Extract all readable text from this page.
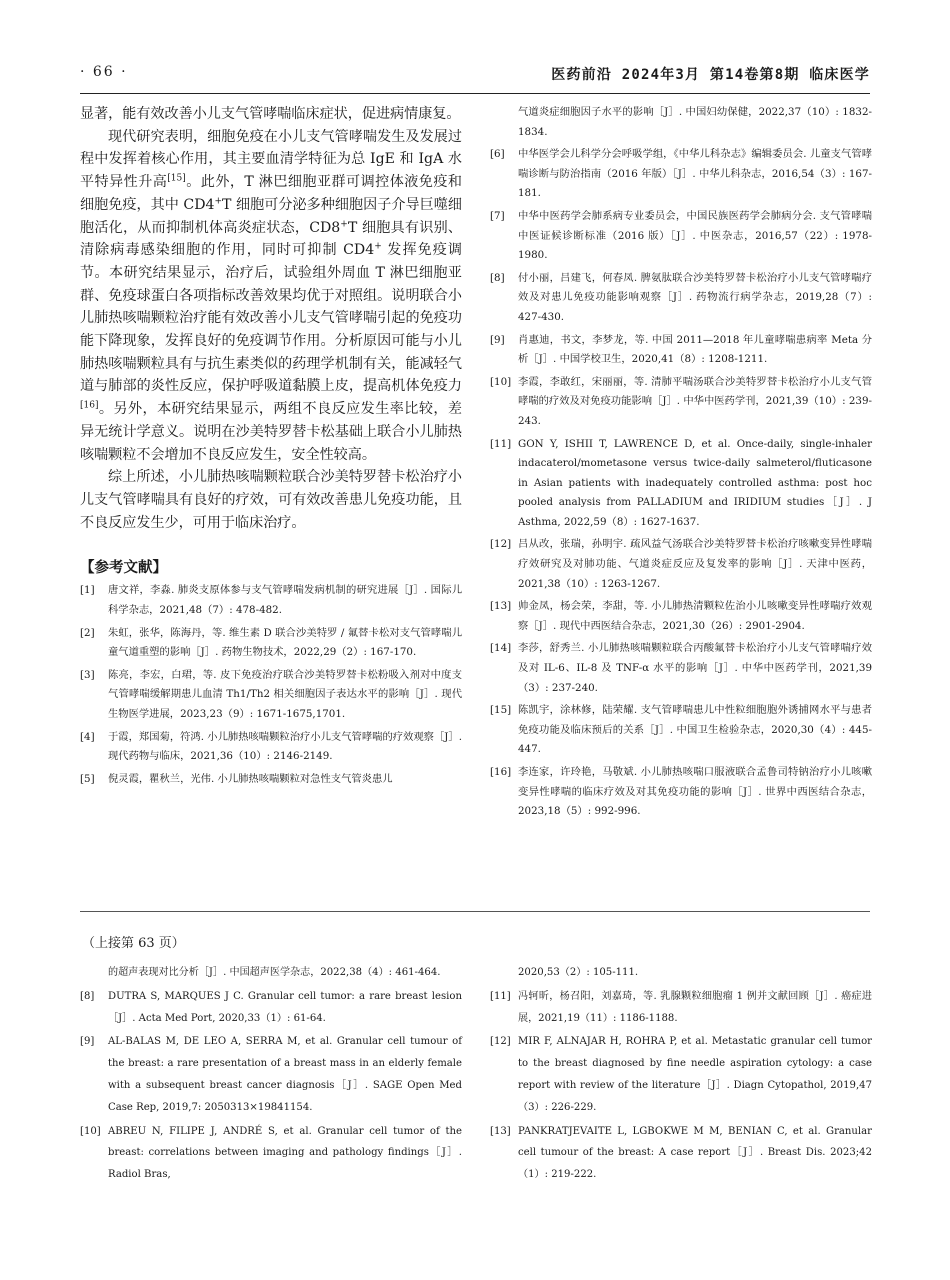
· 66 ·	医药前沿 2024年3月 第14卷第8期 临床医学

显著，能有效改善小儿支气管哮喘临床症状，促进病情康复。

现代研究表明，细胞免疫在小儿支气管哮喘发生及发展过程中发挥着核心作用，其主要血清学特征为总 IgE 和 IgA 水平特异性升高[15]。此外，T 淋巴细胞亚群可调控体液免疫和细胞免疫，其中 CD4+T 细胞可分泌多种细胞因子介导巨噬细胞活化，从而抑制机体高炎症状态，CD8+T 细胞具有识别、清除病毒感染细胞的作用，同时可抑制 CD4+ 发挥免疫调节。本研究结果显示，治疗后，试验组外周血 T 淋巴细胞亚群、免疫球蛋白各项指标改善效果均优于对照组。说明联合小儿肺热咳喘颗粒治疗能有效改善小儿支气管哮喘引起的免疫功能下降现象，发挥良好的免疫调节作用。分析原因可能与小儿肺热咳喘颗粒具有与抗生素类似的药理学机制有关，能减轻气道与肺部的炎性反应，保护呼吸道黏膜上皮，提高机体免疫力[16]。另外，本研究结果显示，两组不良反应发生率比较，差异无统计学意义。说明在沙美特罗替卡松基础上联合小儿肺热咳喘颗粒不会增加不良反应发生，安全性较高。

综上所述，小儿肺热咳喘颗粒联合沙美特罗替卡松治疗小儿支气管哮喘具有良好的疗效，可有效改善患儿免疫功能，且不良反应发生少，可用于临床治疗。

【参考文献】
[1] 唐文祥，李淼. 肺炎支原体参与支气管哮喘发病机制的研究进展［J］. 国际儿科学杂志，2021,48（7）: 478-482.
[2] 朱虹，张华，陈海丹，等. 维生素 D 联合沙美特罗 / 氟替卡松对支气管哮喘儿童气道重塑的影响［J］. 药物生物技术，2022,29（2）: 167-170.
[3] 陈亮，李宏，白珺，等. 皮下免疫治疗联合沙美特罗替卡松粉吸入剂对中度支气管哮喘缓解期患儿血清 Th1/Th2 相关细胞因子表达水平的影响［J］. 现代生物医学进展，2023,23（9）: 1671-1675,1701.
[4] 于霞，郑国菊，符鸿. 小儿肺热咳喘颗粒治疗小儿支气管哮喘的疗效观察［J］. 现代药物与临床，2021,36（10）: 2146-2149.
[5] 倪灵霞，瞿秋兰，光伟. 小儿肺热咳喘颗粒对急性支气管炎患儿
气道炎症细胞因子水平的影响［J］. 中国妇幼保健，2022,37（10）: 1832-1834.
[6] 中华医学会儿科学分会呼吸学组，《中华儿科杂志》编辑委员会. 儿童支气管哮喘诊断与防治指南（2016 年版）［J］. 中华儿科杂志，2016,54（3）: 167-181.
[7] 中华中医药学会肺系病专业委员会，中国民族医药学会肺病分会. 支气管哮喘中医证候诊断标准（2016 版）［J］. 中医杂志，2016,57（22）: 1978-1980.
[8] 付小丽，吕建飞，何春凤. 脾氨肽联合沙美特罗替卡松治疗小儿支气管哮喘疗效及对患儿免疫功能影响观察［J］. 药物流行病学杂志，2019,28（7）: 427-430.
[9] 肖惠迪，书文，李梦龙，等. 中国 2011—2018 年儿童哮喘患病率 Meta 分析［J］. 中国学校卫生，2020,41（8）: 1208-1211.
[10] 李霞，李敢红，宋丽丽，等. 清肺平喘汤联合沙美特罗替卡松治疗小儿支气管哮喘的疗效及对免疫功能影响［J］. 中华中医药学刊，2021,39（10）: 239-243.
[11] GON Y, ISHII T, LAWRENCE D, et al. Once-daily, single-inhaler indacaterol/mometasone versus twice-daily salmeterol/fluticasone in Asian patients with inadequately controlled asthma: post hoc pooled analysis from PALLADIUM and IRIDIUM studies［J］. J Asthma, 2022,59（8）: 1627-1637.
[12] 吕从改，张瑞，孙明宇. 疏风益气汤联合沙美特罗替卡松治疗咳嗽变异性哮喘疗效研究及对肺功能、气道炎症反应及复发率的影响［J］. 天津中医药，2021,38（10）: 1263-1267.
[13] 帅金凤，杨会荣，李甜，等. 小儿肺热清颗粒佐治小儿咳嗽变异性哮喘疗效观察［J］. 现代中西医结合杂志，2021,30（26）: 2901-2904.
[14] 李莎，舒秀兰. 小儿肺热咳喘颗粒联合丙酸氟替卡松治疗小儿支气管哮喘疗效及对 IL-6、IL-8 及 TNF-α 水平的影响［J］. 中华中医药学刊，2021,39（3）: 237-240.
[15] 陈凯宇，涂林修，陆荣耀. 支气管哮喘患儿中性粒细胞胞外诱捕网水平与患者免疫功能及临床预后的关系［J］. 中国卫生检验杂志，2020,30（4）: 445-447.
[16] 李连家，许玲艳，马敬斌. 小儿肺热咳喘口服液联合孟鲁司特钠治疗小儿咳嗽变异性哮喘的临床疗效及对其免疫功能的影响［J］. 世界中西医结合杂志，2023,18（5）: 992-996.
（上接第 63 页）
的超声表现对比分析［J］. 中国超声医学杂志，2022,38（4）: 461-464.
[8] DUTRA S, MARQUES J C. Granular cell tumor: a rare breast lesion［J］. Acta Med Port, 2020,33（1）: 61-64.
[9] AL-BALAS M, DE LEO A, SERRA M, et al. Granular cell tumour of the breast: a rare presentation of a breast mass in an elderly female with a subsequent breast cancer diagnosis［J］. SAGE Open Med Case Rep, 2019,7: 2050313×19841154.
[10] ABREU N, FILIPE J, ANDRÉ S, et al. Granular cell tumor of the breast: correlations between imaging and pathology findings［J］. Radiol Bras,
2020,53（2）: 105-111.
[11] 冯轲昕，杨召阳，刘嘉琦，等. 乳腺颗粒细胞瘤 1 例并文献回顾［J］. 癌症进展，2021,19（11）: 1186-1188.
[12] MIR F, ALNAJAR H, ROHRA P, et al. Metastatic granular cell tumor to the breast diagnosed by fine needle aspiration cytology: a case report with review of the literature［J］. Diagn Cytopathol, 2019,47（3）: 226-229.
[13] PANKRATJEVAITE L, LGBOKWE M M, BENIAN C, et al. Granular cell tumour of the breast: A case report［J］. Breast Dis. 2023;42（1）: 219-222.
